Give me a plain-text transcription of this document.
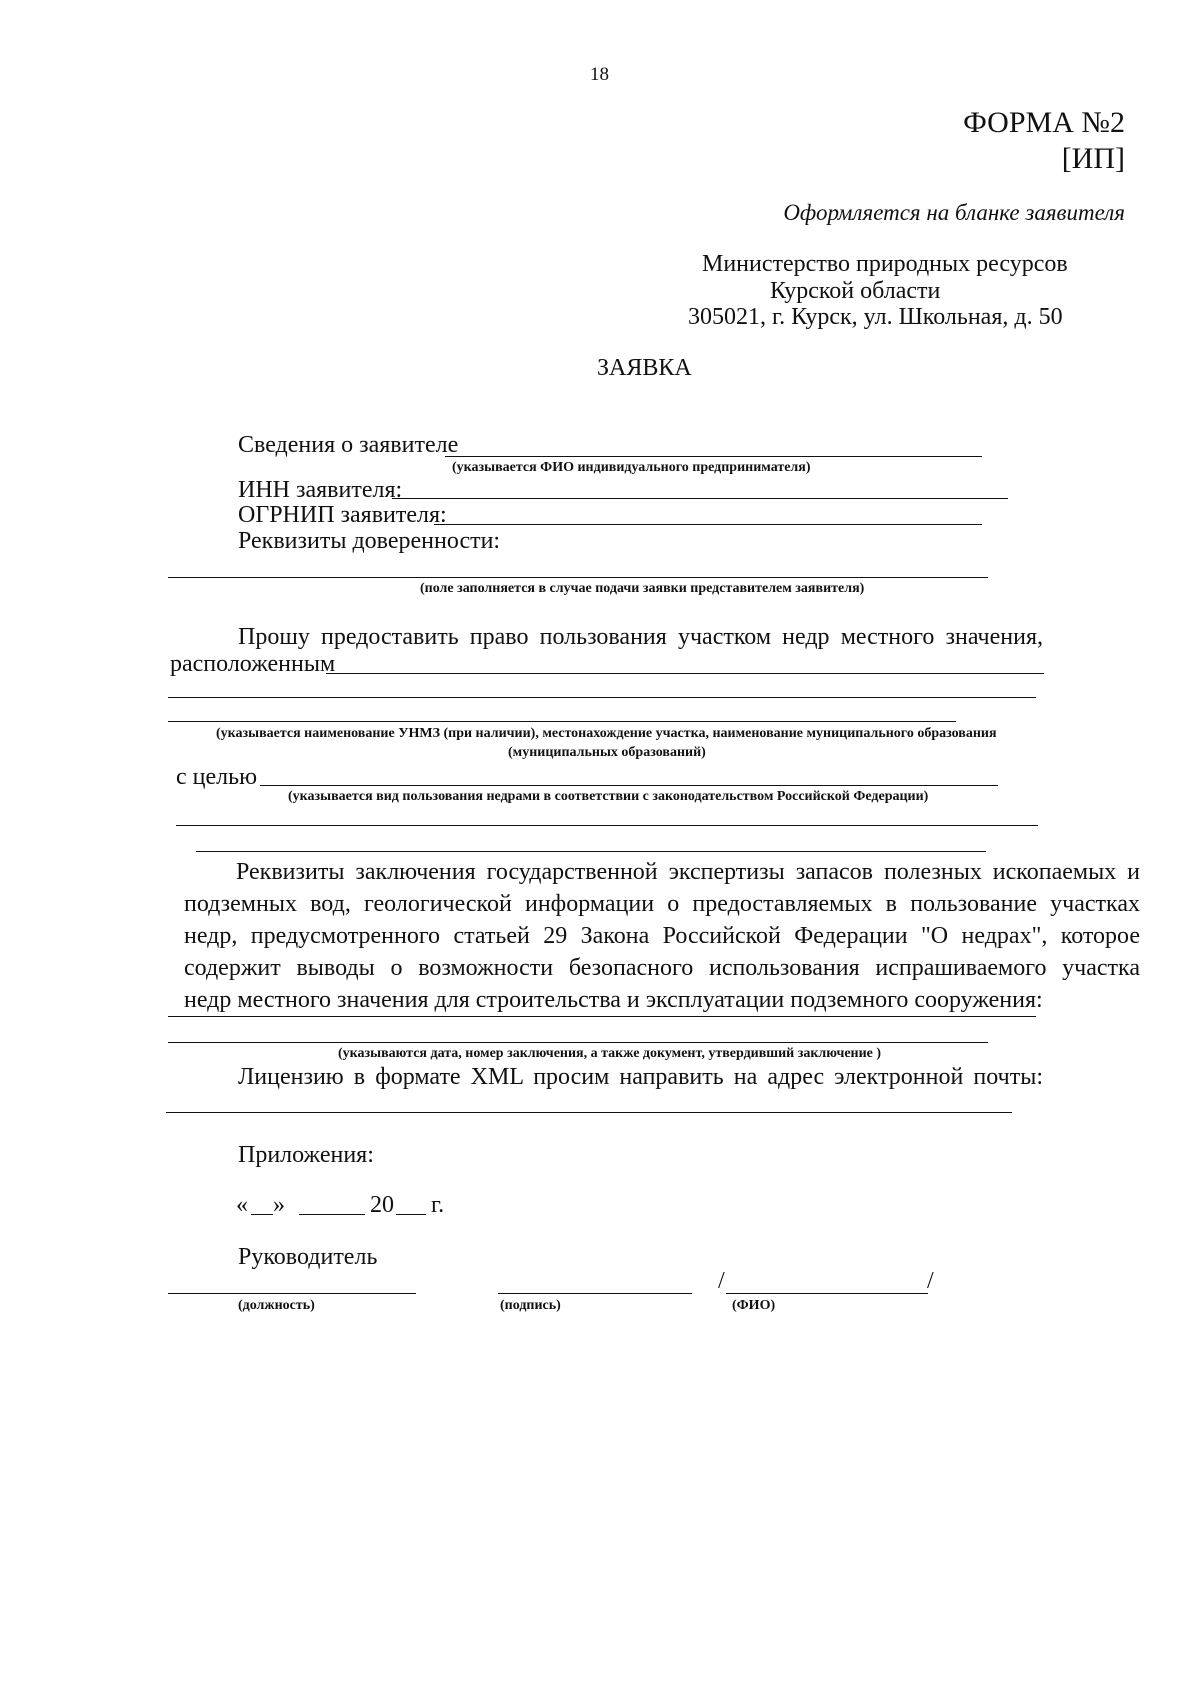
18
ФОРМА №2
[ИП]
Оформляется на бланке заявителя
Министерство природных ресурсов
Курской области
305021, г. Курск, ул. Школьная, д. 50
ЗАЯВКА
Сведения о заявителе
(указывается ФИО индивидуального предпринимателя)
ИНН заявителя:
ОГРНИП заявителя:
Реквизиты доверенности:
(поле заполняется в случае подачи заявки представителем заявителя)
Прошу предоставить право пользования участком недр местного значения,
расположенным
(указывается наименование УНМЗ (при наличии), местонахождение участка, наименование муниципального образования
(муниципальных образований)
с целью
(указывается вид пользования недрами в соответствии с законодательством Российской Федерации)
Реквизиты заключения государственной экспертизы запасов полезных ископаемых и
подземных вод, геологической информации о предоставляемых в пользование участках
недр, предусмотренного статьей 29 Закона Российской Федерации "О недрах", которое
содержит выводы о возможности безопасного использования испрашиваемого участка
недр местного значения для строительства и эксплуатации подземного сооружения:
(указываются дата, номер заключения, а также документ, утвердивший заключение )
Лицензию в формате XML просим направить на адрес электронной почты:
Приложения:
« »	20 г.
Руководитель
(должность)	(подпись)
/	/
(ФИО)
